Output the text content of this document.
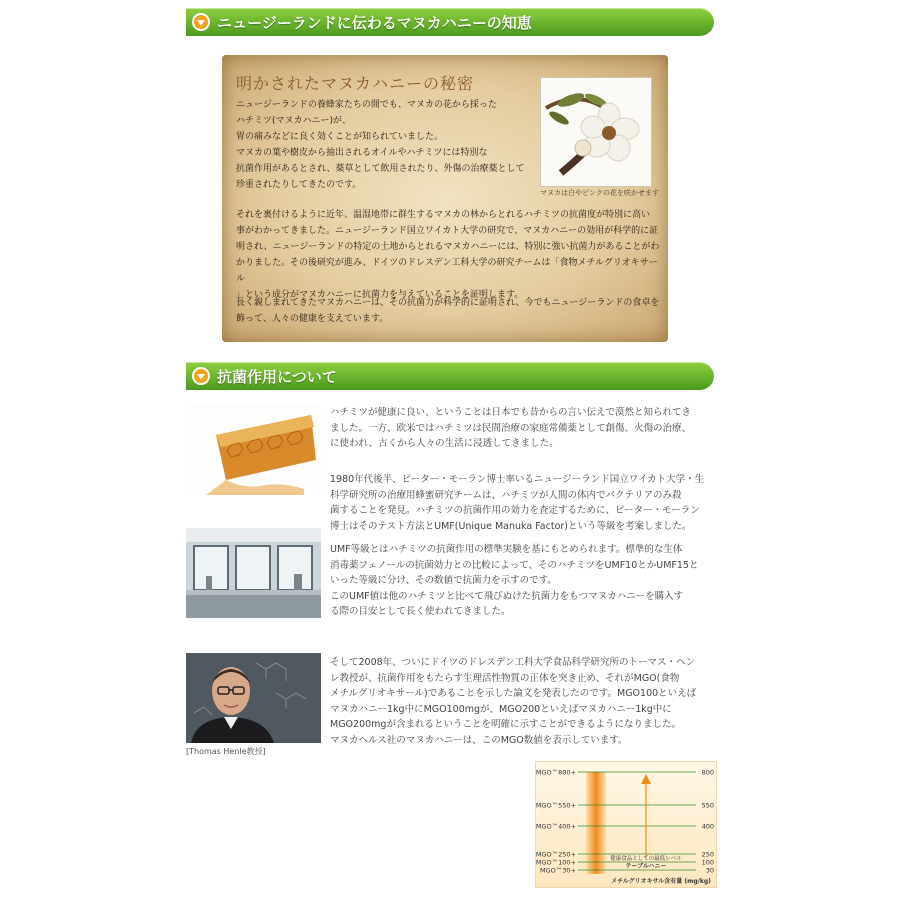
ニュージーランドに伝わるマヌカハニーの知恵
明かされたマヌカハニーの秘密
ニュージーランドの養蜂家たちの間でも、マヌカの花から採った
ハチミツ(マヌカハニー)が、
胃の痛みなどに良く効くことが知られていました。
マヌカの葉や樹皮から抽出されるオイルやハチミツには特別な
抗菌作用があるとされ、薬草として飲用されたり、外傷の治療薬として
珍重されたりしてきたのです。
マヌカは白やピンクの花を咲かせます
それを裏付けるように近年、温湿地帯に群生するマヌカの林からとれるハチミツの抗菌度が特別に高い
事がわかってきました。ニュージーランド国立ワイカト大学の研究で、マヌカハニーの効用が科学的に証
明され、ニュージーランドの特定の土地からとれるマヌカハニーには、特別に強い抗菌力があることがわ
かりました。その後研究が進み、ドイツのドレスデン工科大学の研究チームは「食物メチルグリオキサール
」という成分がマヌカハニーに抗菌力を与えていることを証明します。
長く親しまれてきたマヌカハニーは、その抗菌力が科学的に証明され、今でもニュージーランドの食卓を
飾って、人々の健康を支えています。
抗菌作用について
ハチミツが健康に良い、ということは日本でも昔からの言い伝えで漠然と知られてき
ました。一方、欧米ではハチミツは民間治療の家庭常備薬として創傷、火傷の治療、
に使われ、古くから人々の生活に浸透してきました。
1980年代後半、ピーター・モーラン博士率いるニュージーランド国立ワイカト大学・生
科学研究所の治療用蜂蜜研究チームは、ハチミツが人間の体内でバクテリアのみ殺
菌することを発見。ハチミツの抗菌作用の効力を査定するために、ピーター・モーラン
博士はそのテスト方法とUMF(Unique Manuka Factor)という等級を考案しました。
UMF等級とはハチミツの抗菌作用の標準実験を基にもとめられます。標準的な生体
消毒薬フェノールの抗菌効力との比較によって、そのハチミツをUMF10とかUMF15と
いった等級に分け、その数値で抗菌力を示すのです。
このUMF値は他のハチミツと比べて飛びぬけた抗菌力をもつマヌカハニーを購入す
る際の目安として長く使われてきました。
[Thomas Henle教授]
そして2008年、ついにドイツのドレスデン工科大学食品科学研究所のトーマス・ヘン
レ教授が、抗菌作用をもたらす生理活性物質の正体を突き止め、それがMGO(食物
メチルグリオキサール)であることを示した論文を発表したのです。MGO100といえば
マヌカハニー1kg中にMGO100mgが、MGO200といえばマヌカハニー1kg中に
MGO200mgが含まれるということを明確に示すことができるようになりました。
マヌカヘルス社のマヌカハニーは、このMGO数値を表示しています。
MGO™800+	800
MGO™550+	550
MGO™400+	400
MGO™250+	250
MGO™100+	100
MGO™30+	30
健康食品としての最低レベル
テーブルハニー
メチルグリオキサル含有量 (mg/kg)
